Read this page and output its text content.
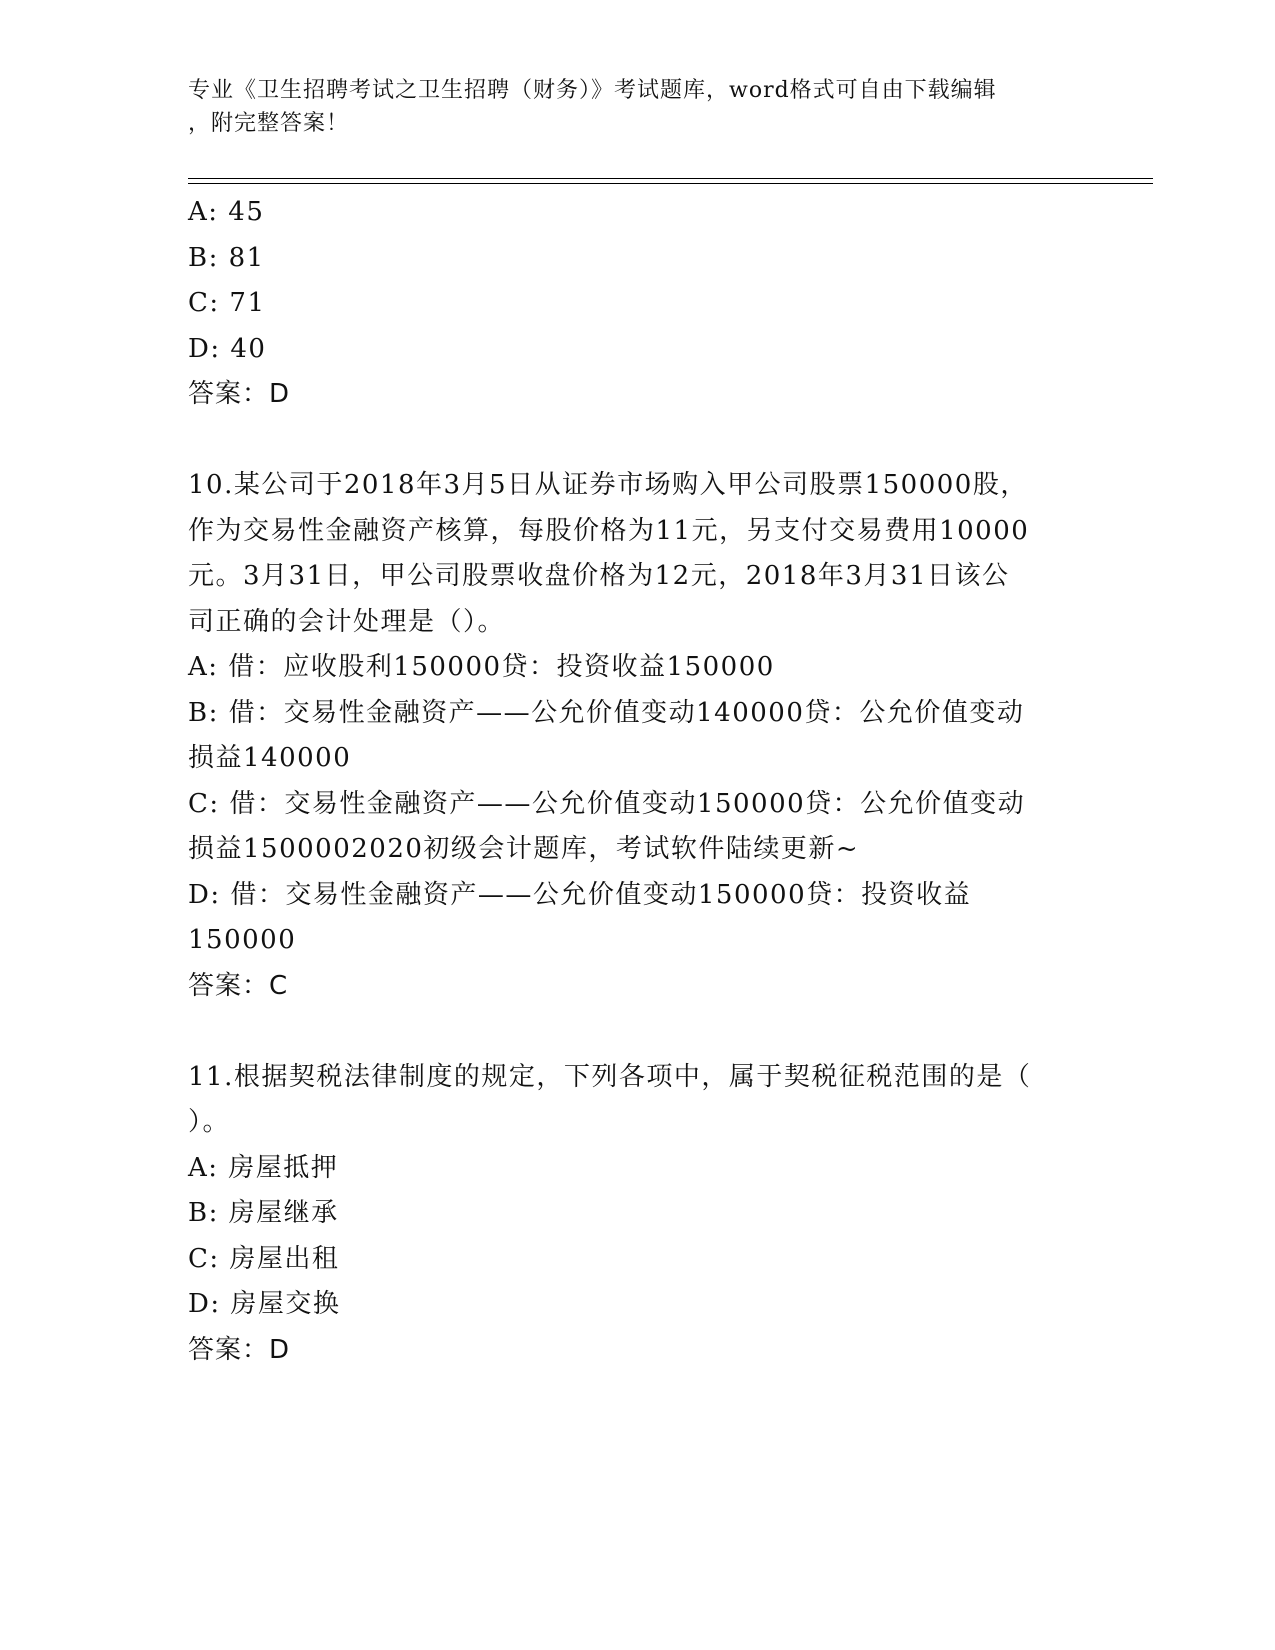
专业《卫生招聘考试之卫生招聘（财务）》考试题库，word格式可自由下载编辑
，附完整答案！
A: 45
B: 81
C: 71
D: 40
答案：D
10.某公司于2018年3月5日从证券市场购入甲公司股票150000股，
作为交易性金融资产核算，每股价格为11元，另支付交易费用10000
元。3月31日，甲公司股票收盘价格为12元，2018年3月31日该公
司正确的会计处理是（）。
A: 借：应收股利150000贷：投资收益150000
B: 借：交易性金融资产——公允价值变动140000贷：公允价值变动
损益140000
C: 借：交易性金融资产——公允价值变动150000贷：公允价值变动
损益1500002020初级会计题库，考试软件陆续更新~
D: 借：交易性金融资产——公允价值变动150000贷：投资收益
150000
答案：C
11.根据契税法律制度的规定，下列各项中，属于契税征税范围的是（
）。
A: 房屋抵押
B: 房屋继承
C: 房屋出租
D: 房屋交换
答案：D
